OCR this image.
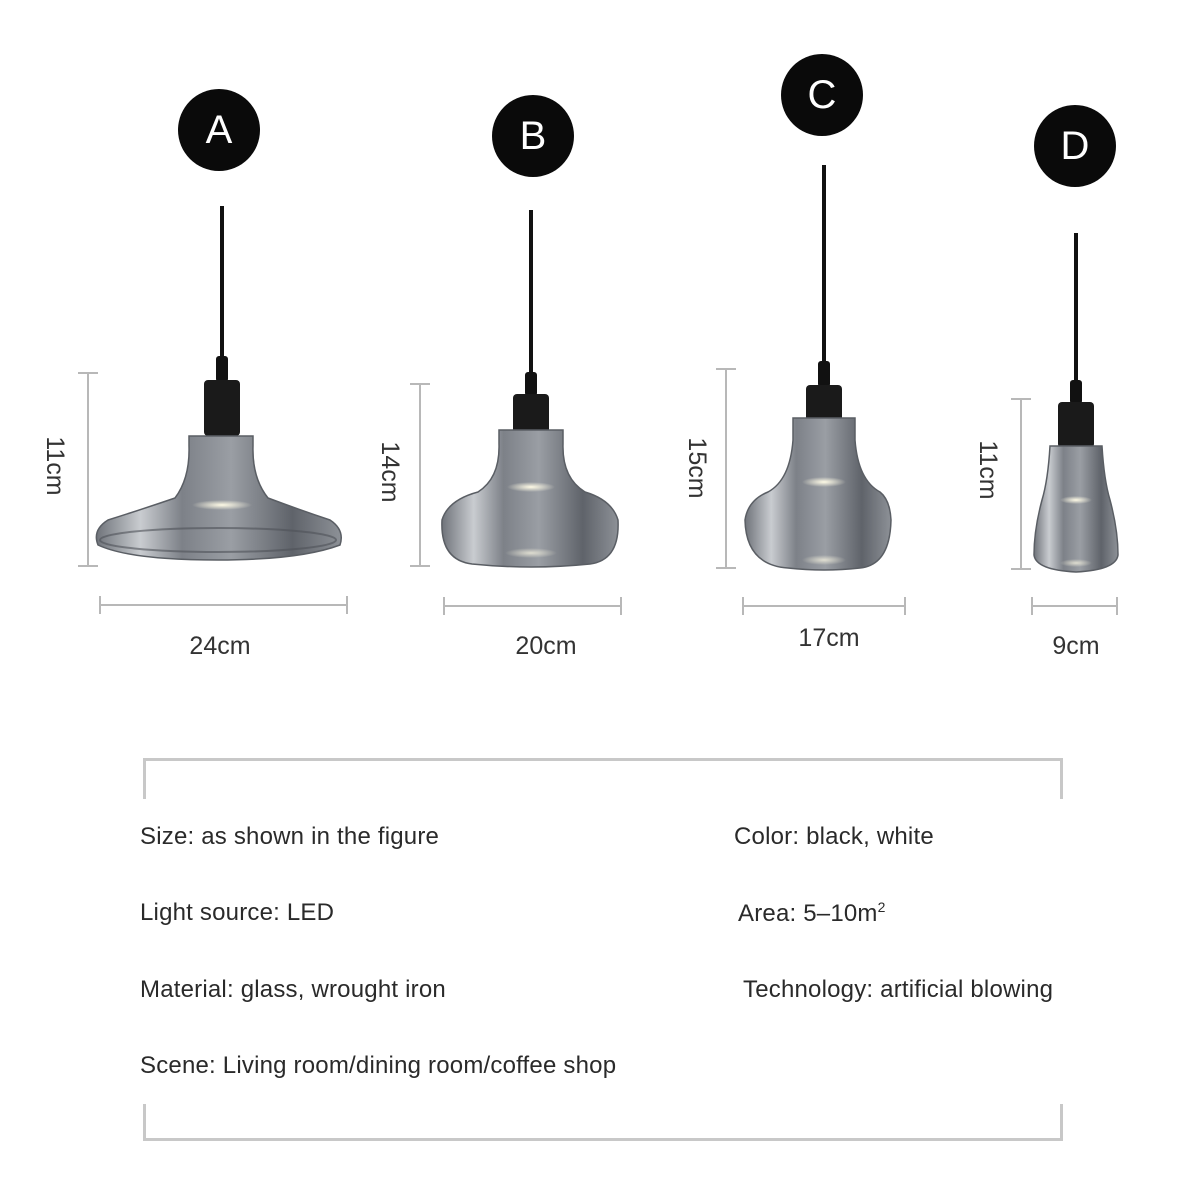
A
11cm
24cm
B
14cm
20cm
C
15cm
17cm
D
11cm
9cm
Size: as shown in the figure	Color: black, white
Light source: LED	Area: $5-10m^2$
Material: glass, wrought iron	Technology: artificial blowing
Scene: Living room/dining room/coffee shop
